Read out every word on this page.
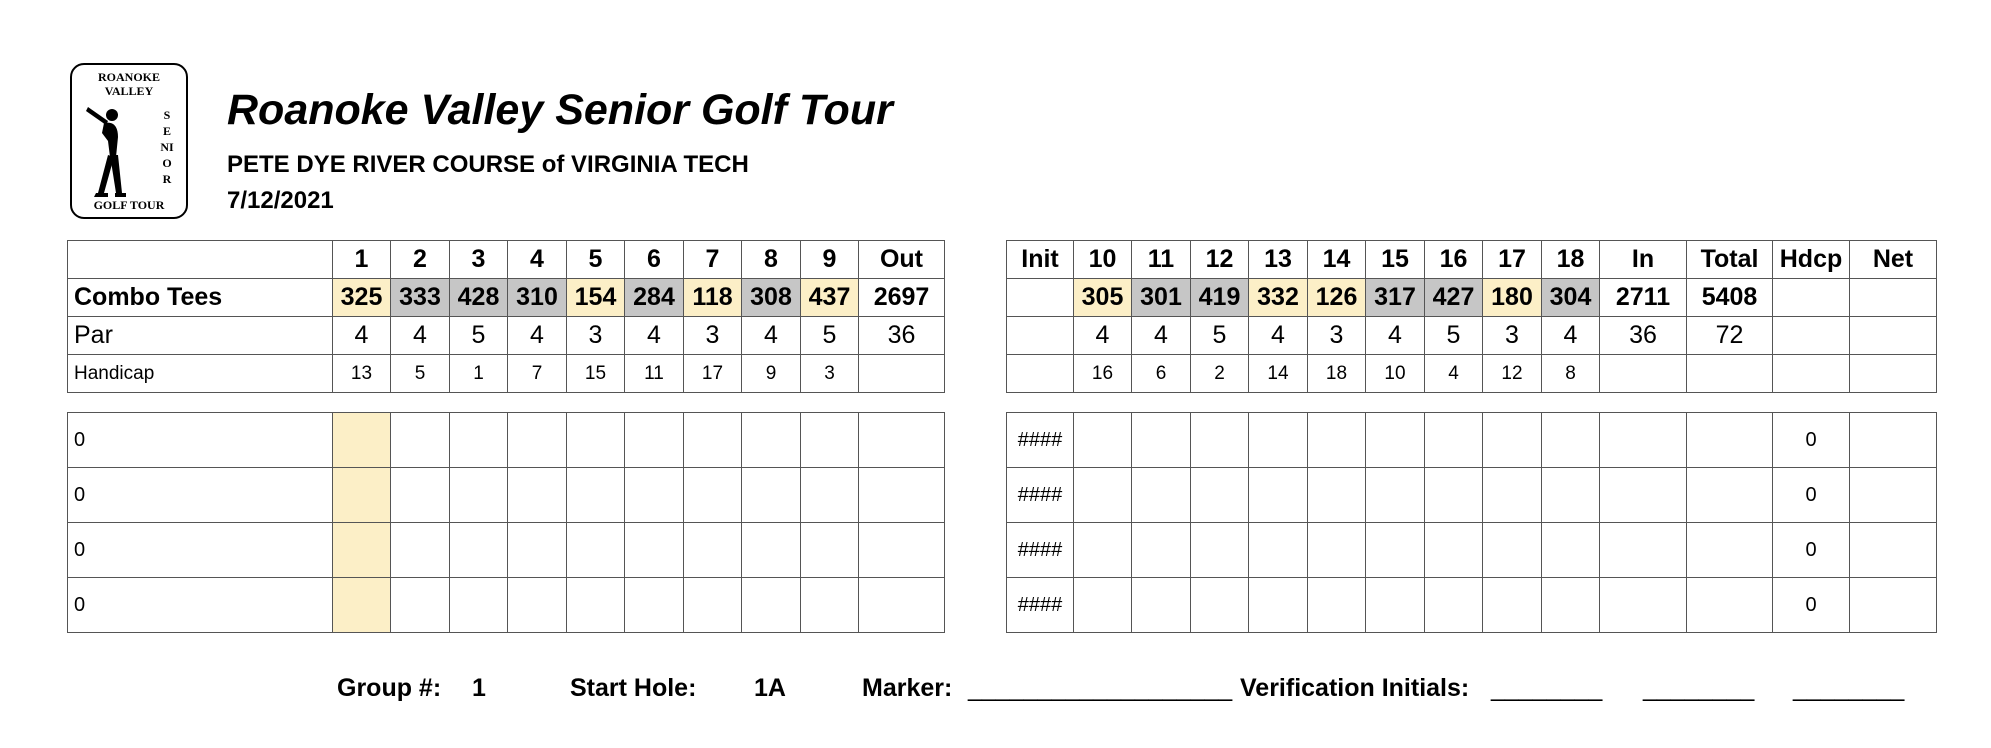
ROANOKE
VALLEY
SENIOR
GOLF TOUR
Roanoke Valley Senior Golf Tour
PETE DYE RIVER COURSE of VIRGINIA TECH
7/12/2021
	1	2	3	4	5	6	7	8	9	Out
Combo Tees	325	333	428	310	154	284	118	308	437	2697
Par	4	4	5	4	3	4	3	4	5	36
Handicap	13	5	1	7	15	11	17	9	3	
Init	10	11	12	13	14	15	16	17	18	In	Total	Hdcp	Net
	305	301	419	332	126	317	427	180	304	2711	5408		
	4	4	5	4	3	4	5	3	4	36	72		
	16	6	2	14	18	10	4	12	8				
0										
0										
0										
0										
####												0	
####												0	
####												0	
####												0	
Group #: 1	Start Hole: 1A	Marker: ___________________ Verification Initials: ________ ________ ________
